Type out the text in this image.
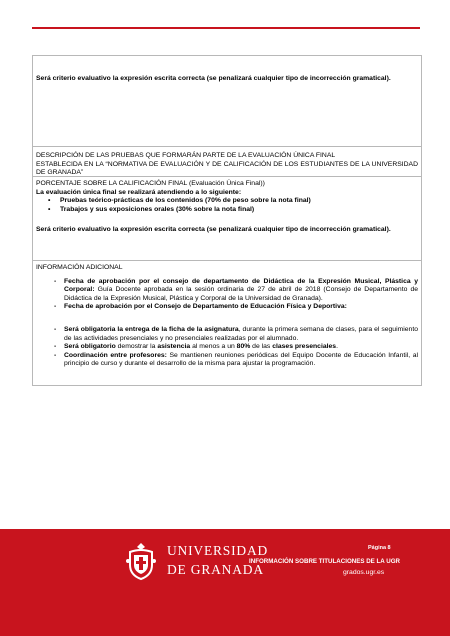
Será criterio evaluativo la expresión escrita correcta (se penalizará cualquier tipo de incorrección gramatical).
DESCRIPCIÓN DE LAS PRUEBAS QUE FORMARÁN PARTE DE LA EVALUACIÓN ÚNICA FINAL
ESTABLECIDA EN LA “NORMATIVA DE EVALUACIÓN Y DE CALIFICACIÓN DE LOS ESTUDIANTES DE LA UNIVERSIDAD DE GRANADA”
PORCENTAJE SOBRE LA CALIFICACIÓN FINAL (Evaluación Única Final))
La evaluación única final se realizará atendiendo a lo siguiente:
• Pruebas teórico-prácticas de los contenidos (70% de peso sobre la nota final)
• Trabajos y sus exposiciones orales (30% sobre la nota final)
Será criterio evaluativo la expresión escrita correcta (se penalizará cualquier tipo de incorrección gramatical).
INFORMACIÓN ADICIONAL
- Fecha de aprobación por el consejo de departamento de Didáctica de la Expresión Musical, Plástica y Corporal: Guía Docente aprobada en la sesión ordinaria de 27 de abril de 2018 (Consejo de Departamento de Didáctica de la Expresión Musical, Plástica y Corporal de la Universidad de Granada).
- Fecha de aprobación por el Consejo de Departamento de Educación Física y Deportiva:
- Será obligatoria la entrega de la ficha de la asignatura, durante la primera semana de clases, para el seguimiento de las actividades presenciales y no presenciales realizadas por el alumnado.
- Será obligatorio demostrar la asistencia al menos a un 80% de las clases presenciales.
- Coordinación entre profesores: Se mantienen reuniones periódicas del Equipo Docente de Educación Infantil, al principio de curso y durante el desarrollo de la misma para ajustar la programación.
UNIVERSIDAD
DE GRANADA
Página 8
INFORMACIÓN SOBRE TITULACIONES DE LA UGR
grados.ugr.es
